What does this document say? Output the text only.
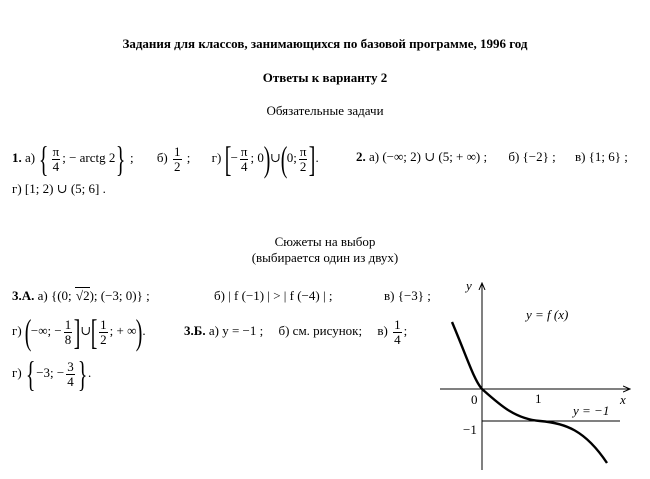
Задания для классов, занимающихся по базовой программе, 1996 год
Ответы к варианту 2
Обязательные задачи
1. а) { $\frac{\pi}{4}$ ; − arctg 2} ; $б) \frac{1}{2}$ ; г) [− $\frac{\pi}{4}$ ; 0)∪(0; $\frac{\pi}{2}$ ].	2. а) (−∞; 2) ∪ (5; + ∞) ; б) {−2} ; в) {1; 6} ;
г) [1; 2) ∪ (5; 6] .
Сюжеты на выбор
(выбирается один из двух)
3.А. а) {(0; √2); (−3; 0)} ;	б) | f (−1) | > | f (−4) | ;	в) {−3} ;
г) (−∞; − $\frac{1}{8}$ ]∪[ $\frac{1}{2}$ ; + ∞).	3.Б. а) y = −1 ; б) см. рисунок; $в) \frac{1}{4}$ ;
г) {−3; − $\frac{3}{4}$ }.
y
x
y = f (x)
0	1
−1
y = −1
